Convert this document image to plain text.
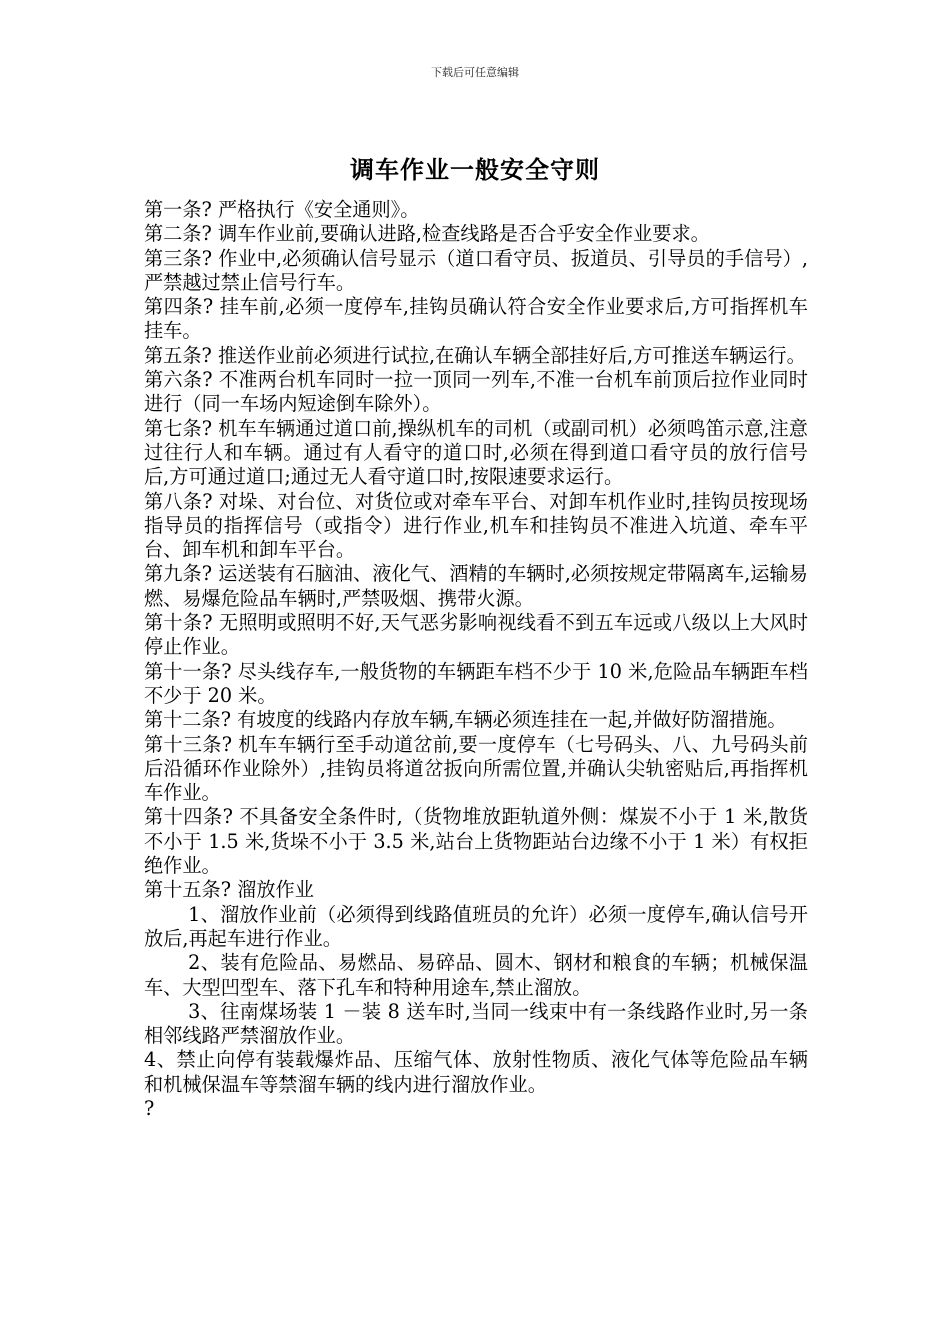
下载后可任意编辑
调车作业一般安全守则

第一条? 严格执行《安全通则》。

第二条? 调车作业前,要确认进路,检查线路是否合乎安全作业要求。

第三条? 作业中,必须确认信号显示（道口看守员、扳道员、引导员的手信号）,严禁越过禁止信号行车。

第四条? 挂车前,必须一度停车,挂钩员确认符合安全作业要求后,方可指挥机车挂车。

第五条? 推送作业前必须进行试拉,在确认车辆全部挂好后,方可推送车辆运行。

第六条? 不准两台机车同时一拉一顶同一列车,不准一台机车前顶后拉作业同时进行（同一车场内短途倒车除外）。

第七条? 机车车辆通过道口前,操纵机车的司机（或副司机）必须鸣笛示意,注意过往行人和车辆。通过有人看守的道口时,必须在得到道口看守员的放行信号后,方可通过道口;通过无人看守道口时,按限速要求运行。

第八条? 对垛、对台位、对货位或对牵车平台、对卸车机作业时,挂钩员按现场指导员的指挥信号（或指令）进行作业,机车和挂钩员不准进入坑道、牵车平台、卸车机和卸车平台。

第九条? 运送装有石脑油、液化气、酒精的车辆时,必须按规定带隔离车,运输易燃、易爆危险品车辆时,严禁吸烟、携带火源。

第十条? 无照明或照明不好,天气恶劣影响视线看不到五车远或八级以上大风时停止作业。

第十一条? 尽头线存车,一般货物的车辆距车档不少于 10 米,危险品车辆距车档不少于 20 米。

第十二条? 有坡度的线路内存放车辆,车辆必须连挂在一起,并做好防溜措施。

第十三条? 机车车辆行至手动道岔前,要一度停车（七号码头、八、九号码头前后沿循环作业除外）,挂钩员将道岔扳向所需位置,并确认尖轨密贴后,再指挥机车作业。

第十四条? 不具备安全条件时,（货物堆放距轨道外侧：煤炭不小于 1 米,散货不小于 1.5 米,货垛不小于 3.5 米,站台上货物距站台边缘不小于 1 米）有权拒绝作业。

第十五条? 溜放作业

1、溜放作业前（必须得到线路值班员的允许）必须一度停车,确认信号开放后,再起车进行作业。

2、装有危险品、易燃品、易碎品、圆木、钢材和粮食的车辆；机械保温车、大型凹型车、落下孔车和特种用途车,禁止溜放。

3、往南煤场装 1 －装 8 送车时,当同一线束中有一条线路作业时,另一条相邻线路严禁溜放作业。

4、禁止向停有装载爆炸品、压缩气体、放射性物质、液化气体等危险品车辆和机械保温车等禁溜车辆的线内进行溜放作业。

?
